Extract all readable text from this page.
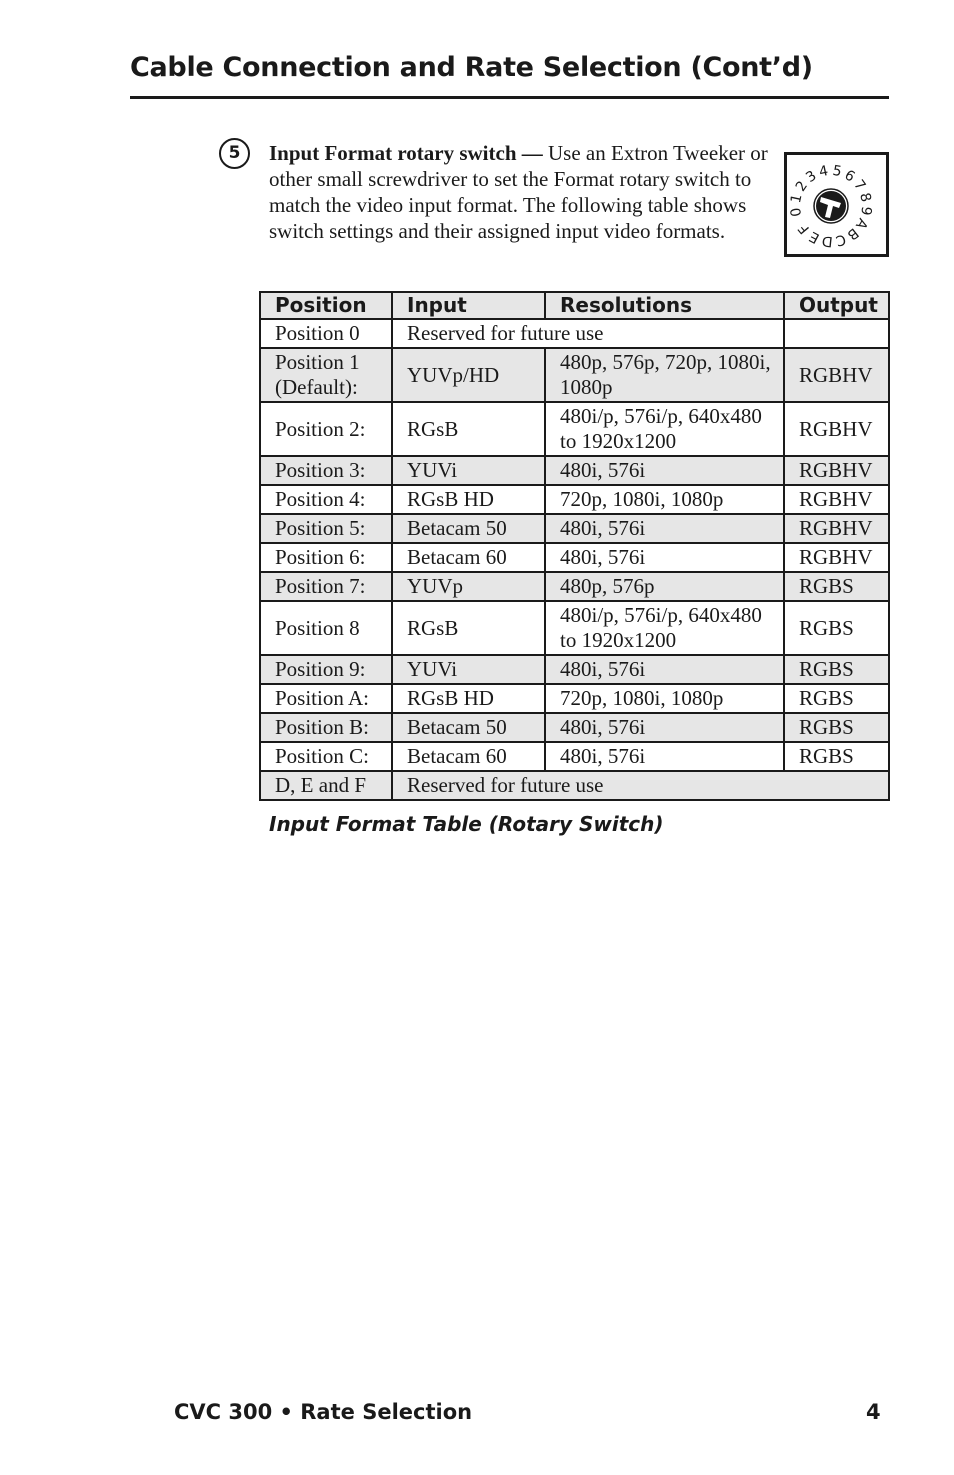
Cable Connection and Rate Selection (Cont’d)
5	Input Format rotary switch — Use an Extron Tweeker or other small screwdriver to set the Format rotary switch to match the video input format. The following table shows switch settings and their assigned input video formats.
0
1
2
3
4 5
6
7
8
9
A
B
C
D
E
F
Position	Input	Resolutions	Output
Position 0	Reserved for future use		
Position 1 (Default):	YUVp/HD	480p, 576p, 720p, 1080i, 1080p	RGBHV
Position 2:	RGsB	480i/p, 576i/p, 640x480 to 1920x1200	RGBHV
Position 3:	YUVi	480i, 576i	RGBHV
Position 4:	RGsB HD	720p, 1080i, 1080p	RGBHV
Position 5:	Betacam 50	480i, 576i	RGBHV
Position 6:	Betacam 60	480i, 576i	RGBHV
Position 7:	YUVp	480p, 576p	RGBS
Position 8	RGsB	480i/p, 576i/p, 640x480 to 1920x1200	RGBS
Position 9:	YUVi	480i, 576i	RGBS
Position A:	RGsB HD	720p, 1080i, 1080p	RGBS
Position B:	Betacam 50	480i, 576i	RGBS
Position C:	Betacam 60	480i, 576i	RGBS
D, E and F	Reserved for future use		
Input Format Table (Rotary Switch)
CVC 300 • Rate Selection	4
